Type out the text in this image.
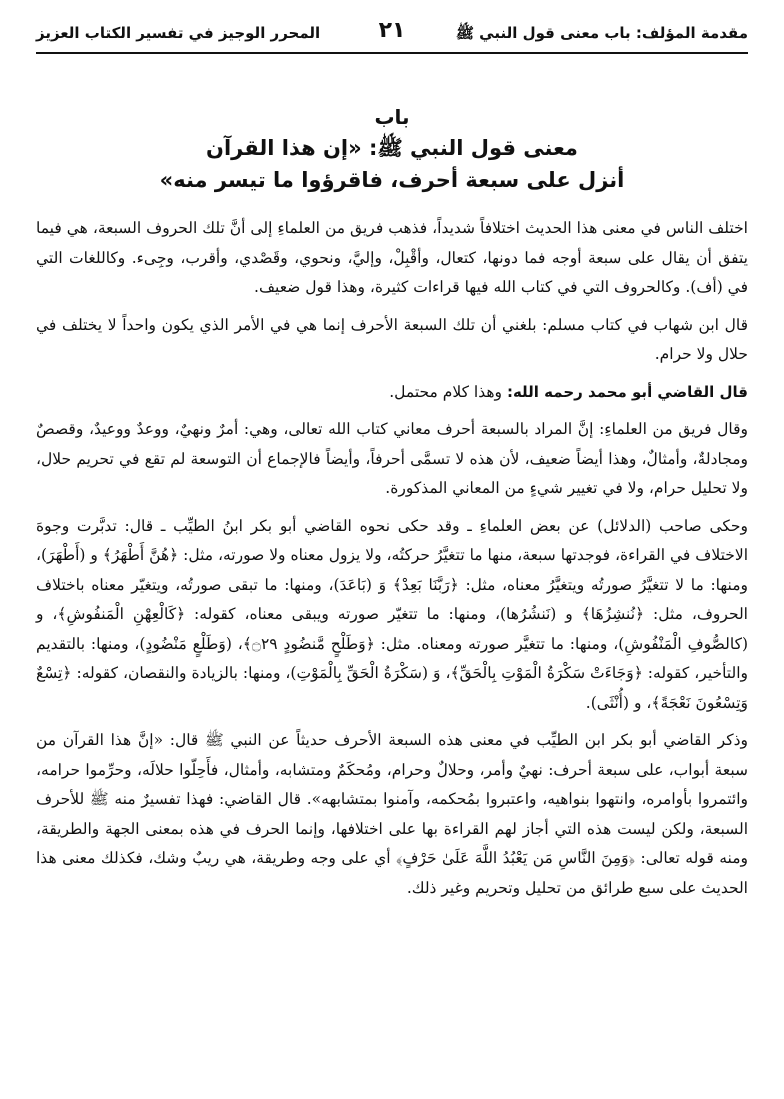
مقدمة المؤلف: باب معنى قول النبي ﷺ
٢١
المحرر الوجيز في تفسير الكتاب العزيز
باب
معنى قول النبي ﷺ: «إن هذا القرآن
أنزل على سبعة أحرف، فاقرؤوا ما تيسر منه»

اختلف الناس في معنى هذا الحديث اختلافاً شديداً، فذهب فريق من العلماءِ إلى أنَّ تلك الحروف السبعة، هي فيما يتفق أن يقال على سبعة أوجه فما دونها، كتعال، وأقْبِلْ، وإليَّ، ونحوي، وقَصْدي، وأقرب، وجِىء. وكاللغات التي في (أف). وكالحروف التي في كتاب الله فيها قراءات كثيرة، وهذا قول ضعيف.

قال ابن شهاب في كتاب مسلم: بلغني أن تلك السبعة الأحرف إنما هي في الأمر الذي يكون واحداً لا يختلف في حلال ولا حرام.

قال القاضي أبو محمد رحمه الله: وهذا كلام محتمل.

وقال فريق من العلماءِ: إنَّ المراد بالسبعة أحرف معاني كتاب الله تعالى، وهي: أمرٌ ونهيٌ، ووعدٌ ووعيدٌ، وقصصٌ ومجادلةٌ، وأمثالٌ، وهذا أيضاً ضعيف، لأن هذه لا تسمَّى أحرفاً، وأيضاً فالإجماع أن التوسعة لم تقع في تحريم حلال، ولا تحليل حرام، ولا في تغيير شيءٍ من المعاني المذكورة.

وحكى صاحب (الدلائل) عن بعض العلماءِ ـ وقد حكى نحوه القاضي أبو بكر ابنُ الطيِّب ـ قال: تدبَّرت وجوهَ الاختلاف في القراءة، فوجدتها سبعة، منها ما تتغيَّرُ حركتُه، ولا يزول معناه ولا صورته، مثل: ﴿هُنَّ أَطْهَرُ﴾ و (أَطْهَرَ)، ومنها: ما لا تتغيَّرُ صورتُه ويتغيَّرُ معناه، مثل: ﴿رَبَّنَا بَعِدْ﴾ وَ (بَاعَدَ)، ومنها: ما تبقى صورتُه، ويتغيّر معناه باختلاف الحروف، مثل: ﴿نُنشِزُهَا﴾ و (نَنشُرُها)، ومنها: ما تتغيّر صورته ويبقى معناه، كقوله: ﴿كَالْعِهْنِ الْمَنفُوشِ﴾، و (كالصُّوفِ الْمَنْفُوشِ)، ومنها: ما تتغيَّر صورته ومعناه. مثل: ﴿وَطَلْحٍ مَّنضُودٍ ۝٢٩﴾، (وَطَلْعٍ مَنْضُودٍ)، ومنها: بالتقديم والتأخير، كقوله: ﴿وَجَاءَتْ سَكْرَةُ الْمَوْتِ بِالْحَقِّ﴾، وَ (سَكْرَةُ الْحَقِّ بِالْمَوْتِ)، ومنها: بالزيادة والنقصان، كقوله: ﴿تِسْعٌ وَتِسْعُونَ نَعْجَةً﴾، و (أُنْثَى).

وذكر القاضي أبو بكر ابن الطيِّب في معنى هذه السبعة الأحرف حديثاً عن النبي ﷺ قال: «إنَّ هذا القرآن من سبعة أبواب، على سبعة أحرف: نهيٌ وأمر، وحلالٌ وحرام، ومُحكَمٌ ومتشابه، وأمثال، فأَحِلّوا حلالَه، وحرِّموا حرامه، وائتمروا بأوامره، وانتهوا بنواهيه، واعتبروا بمُحكمه، وآمنوا بمتشابهه». قال القاضي: فهذا تفسيرٌ منه ﷺ للأحرف السبعة، ولكن ليست هذه التي أجاز لهم القراءة بها على اختلافها، وإنما الحرف في هذه بمعنى الجهة والطريقة، ومنه قوله تعالى: ﴿وَمِنَ النَّاسِ مَن يَعْبُدُ اللَّهَ عَلَىٰ حَرْفٍ﴾ أي على وجه وطريقة، هي ريبٌ وشك، فكذلك معنى هذا الحديث على سبع طرائق من تحليل وتحريم وغير ذلك.
